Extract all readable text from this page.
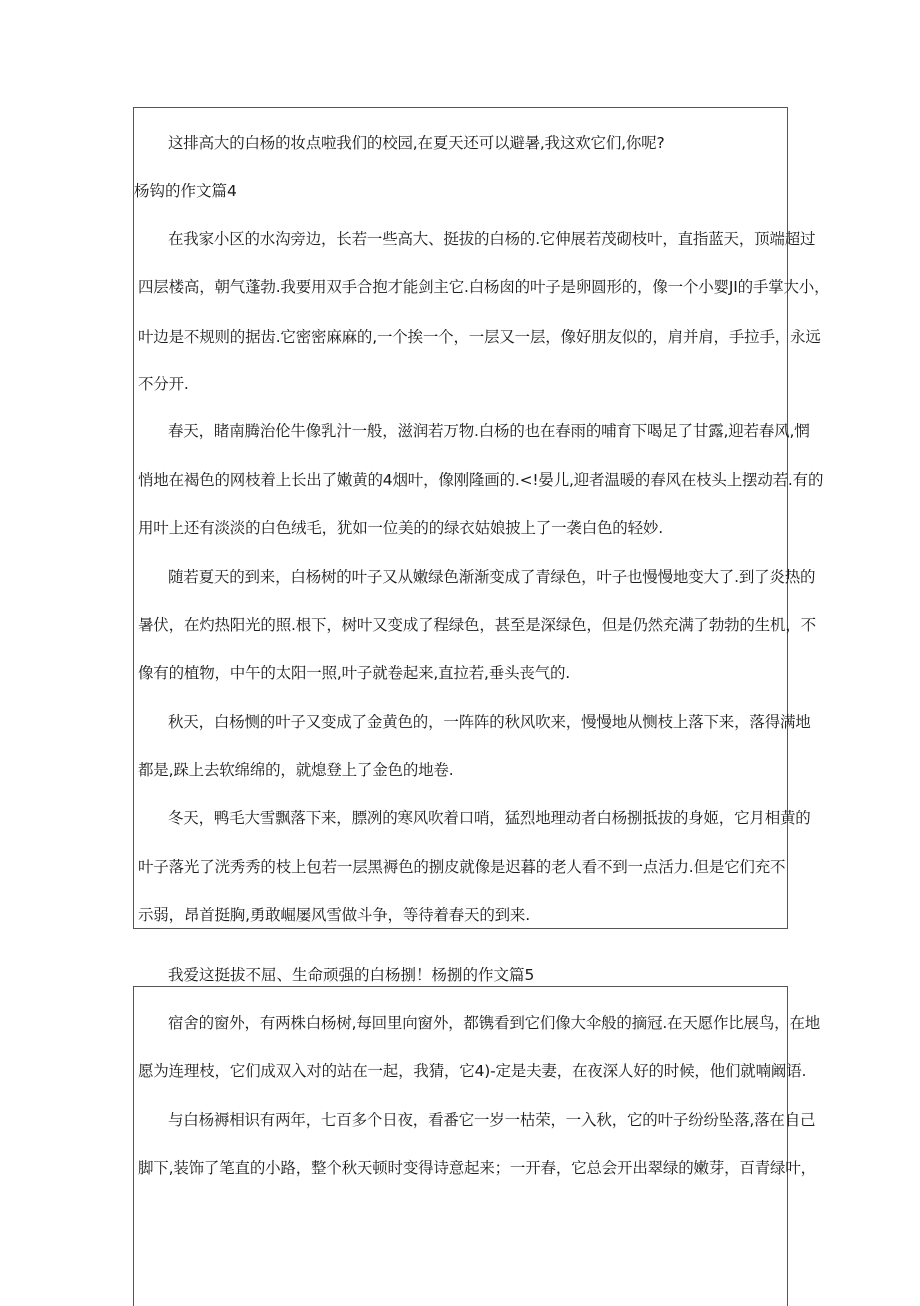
这排高大的白杨的妆点啦我们的校园,在夏天还可以避暑,我这欢它们,你呢?
杨钩的作文篇4
在我家小区的水沟旁边，长若一些高大、挺拔的白杨的.它伸展若茂砌枝叶，直指蓝天，顶端超过
四层楼高，朝气蓬勃.我要用双手合抱才能剑主它.白杨囱的叶子是卵圆形的，像一个小婴JI的手掌大小，
叶边是不规则的据齿.它密密麻麻的,一个挨一个，一层又一层，像好朋友似的，肩并肩，手拉手，永远
不分开.
春天，睹南腾治伦牛像乳汁一般，滋润若万物.白杨的也在春雨的哺育下喝足了甘露,迎若春风,惘
悄地在褐色的网枝着上长出了嫩黄的4烟叶，像刚隆画的.<!晏儿,迎者温暖的春风在枝头上摆动若.有的
用叶上还有淡淡的白色绒毛，犹如一位美的的绿衣姑娘披上了一袭白色的轻妙.
随若夏天的到来，白杨树的叶子又从嫩绿色渐渐变成了青绿色，叶子也慢慢地变大了.到了炎热的
暑伏，在灼热阳光的照.根下，树叶又变成了程绿色，甚至是深绿色，但是仍然充满了勃勃的生机，不
像有的植物，中午的太阳一照,叶子就卷起来,直拉若,垂头丧气的.
秋天，白杨恻的叶子又变成了金黄色的，一阵阵的秋风吹来，慢慢地从恻枝上落下来，落得满地
都是,跺上去软绵绵的，就熄登上了金色的地卷.
冬天，鸭毛大雪飘落下来，膘冽的寒风吹着口哨，猛烈地理动者白杨捌抵拔的身姬，它月相黄的
叶子落光了洸秀秀的枝上包若一层黑褥色的捌皮就像是迟暮的老人看不到一点活力.但是它们充不
示弱，昂首挺胸,勇敢崛屡风雪做斗争，等待着春天的到来.
我爱这挺拔不屈、生命顽强的白杨捌！杨捌的作文篇5
宿舍的窗外，有两株白杨树,每回里向窗外，都镌看到它们像大伞般的摘冠.在天愿作比展鸟，在地
愿为连理枝，它们成双入对的站在一起，我猜，它4)-定是夫妻，在夜深人好的时候，他们就喃阚语.
与白杨褥相识有两年，七百多个日夜，看番它一岁一枯荣，一入秋，它的叶子纷纷坠落,落在自己
脚下,装饰了笔直的小路，整个秋天顿时变得诗意起来；一开春，它总会开出翠绿的嫩芽，百青绿叶，
